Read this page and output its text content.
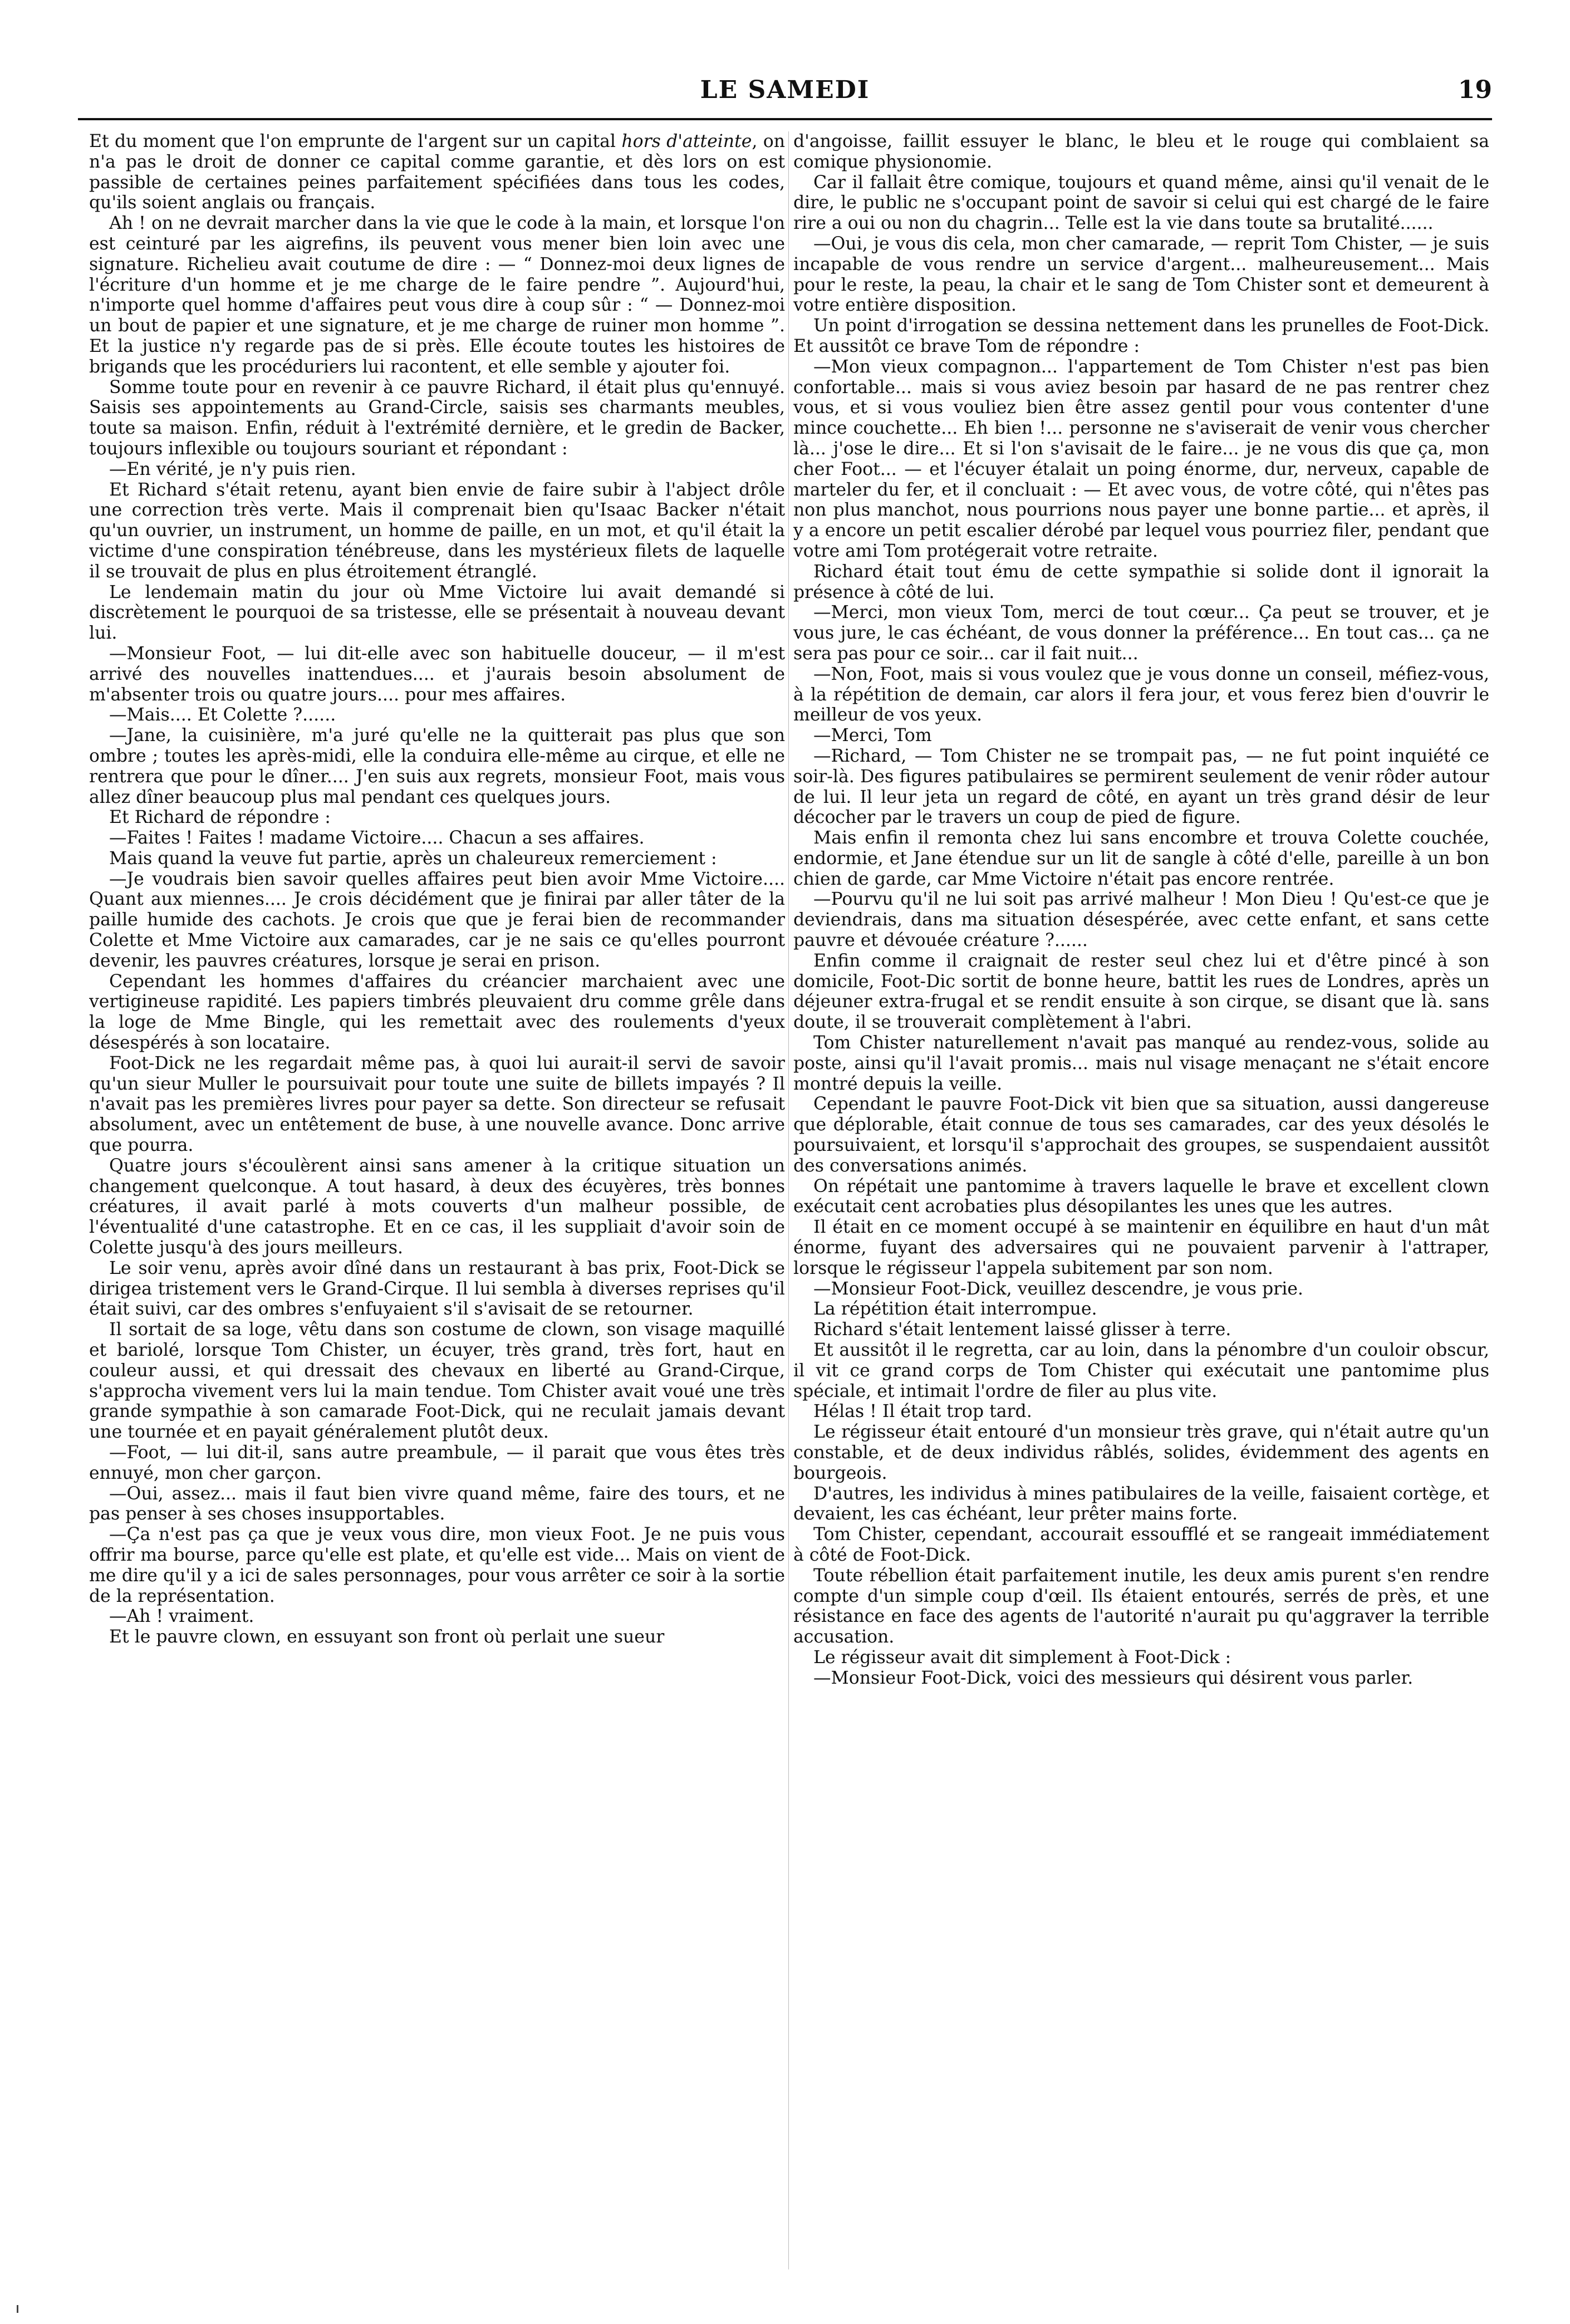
LE SAMEDI	19

Et du moment que l'on emprunte de l'argent sur un capital hors d'atteinte, on n'a pas le droit de donner ce capital comme garantie, et dès lors on est passible de certaines peines parfaitement spécifiées dans tous les codes, qu'ils soient anglais ou français.

Ah ! on ne devrait marcher dans la vie que le code à la main, et lorsque l'on est ceinturé par les aigrefins, ils peuvent vous mener bien loin avec une signature. Richelieu avait coutume de dire : — “ Donnez-moi deux lignes de l'écriture d'un homme et je me charge de le faire pendre ”. Aujourd'hui, n'importe quel homme d'affaires peut vous dire à coup sûr : “ — Donnez-moi un bout de papier et une signature, et je me charge de ruiner mon homme ”. Et la justice n'y regarde pas de si près. Elle écoute toutes les histoires de brigands que les procéduriers lui racontent, et elle semble y ajouter foi.

Somme toute pour en revenir à ce pauvre Richard, il était plus qu'ennuyé. Saisis ses appointements au Grand-Circle, saisis ses charmants meubles, toute sa maison. Enfin, réduit à l'extrémité dernière, et le gredin de Backer, toujours inflexible ou toujours souriant et répondant :

—En vérité, je n'y puis rien.

Et Richard s'était retenu, ayant bien envie de faire subir à l'abject drôle une correction très verte. Mais il comprenait bien qu'Isaac Backer n'était qu'un ouvrier, un instrument, un homme de paille, en un mot, et qu'il était la victime d'une conspiration ténébreuse, dans les mystérieux filets de laquelle il se trouvait de plus en plus étroitement étranglé.

Le lendemain matin du jour où Mme Victoire lui avait demandé si discrètement le pourquoi de sa tristesse, elle se présentait à nouveau devant lui.

—Monsieur Foot, — lui dit-elle avec son habituelle douceur, — il m'est arrivé des nouvelles inattendues.... et j'aurais besoin absolument de m'absenter trois ou quatre jours.... pour mes affaires.

—Mais.... Et Colette ?......

—Jane, la cuisinière, m'a juré qu'elle ne la quitterait pas plus que son ombre ; toutes les après-midi, elle la conduira elle-même au cirque, et elle ne rentrera que pour le dîner.... J'en suis aux regrets, monsieur Foot, mais vous allez dîner beaucoup plus mal pendant ces quelques jours.

Et Richard de répondre :

—Faites ! Faites ! madame Victoire.... Chacun a ses affaires.

Mais quand la veuve fut partie, après un chaleureux remerciement :

—Je voudrais bien savoir quelles affaires peut bien avoir Mme Victoire.... Quant aux miennes.... Je crois décidément que je finirai par aller tâter de la paille humide des cachots. Je crois que que je ferai bien de recommander Colette et Mme Victoire aux camarades, car je ne sais ce qu'elles pourront devenir, les pauvres créatures, lorsque je serai en prison.

Cependant les hommes d'affaires du créancier marchaient avec une vertigineuse rapidité. Les papiers timbrés pleuvaient dru comme grêle dans la loge de Mme Bingle, qui les remettait avec des roulements d'yeux désespérés à son locataire.

Foot-Dick ne les regardait même pas, à quoi lui aurait-il servi de savoir qu'un sieur Muller le poursuivait pour toute une suite de billets impayés ? Il n'avait pas les premières livres pour payer sa dette. Son directeur se refusait absolument, avec un entêtement de buse, à une nouvelle avance. Donc arrive que pourra.

Quatre jours s'écoulèrent ainsi sans amener à la critique situation un changement quelconque. A tout hasard, à deux des écuyères, très bonnes créatures, il avait parlé à mots couverts d'un malheur possible, de l'éventualité d'une catastrophe. Et en ce cas, il les suppliait d'avoir soin de Colette jusqu'à des jours meilleurs.

Le soir venu, après avoir dîné dans un restaurant à bas prix, Foot-Dick se dirigea tristement vers le Grand-Cirque. Il lui sembla à diverses reprises qu'il était suivi, car des ombres s'enfuyaient s'il s'avisait de se retourner.

Il sortait de sa loge, vêtu dans son costume de clown, son visage maquillé et bariolé, lorsque Tom Chister, un écuyer, très grand, très fort, haut en couleur aussi, et qui dressait des chevaux en liberté au Grand-Cirque, s'approcha vivement vers lui la main tendue. Tom Chister avait voué une très grande sympathie à son camarade Foot-Dick, qui ne reculait jamais devant une tournée et en payait généralement plutôt deux.

—Foot, — lui dit-il, sans autre preambule, — il parait que vous êtes très ennuyé, mon cher garçon.

—Oui, assez... mais il faut bien vivre quand même, faire des tours, et ne pas penser à ses choses insupportables.

—Ça n'est pas ça que je veux vous dire, mon vieux Foot. Je ne puis vous offrir ma bourse, parce qu'elle est plate, et qu'elle est vide... Mais on vient de me dire qu'il y a ici de sales personnages, pour vous arrêter ce soir à la sortie de la représentation.

—Ah ! vraiment.

Et le pauvre clown, en essuyant son front où perlait une sueur

d'angoisse, faillit essuyer le blanc, le bleu et le rouge qui comblaient sa comique physionomie.

Car il fallait être comique, toujours et quand même, ainsi qu'il venait de le dire, le public ne s'occupant point de savoir si celui qui est chargé de le faire rire a oui ou non du chagrin... Telle est la vie dans toute sa brutalité......

—Oui, je vous dis cela, mon cher camarade, — reprit Tom Chister, — je suis incapable de vous rendre un service d'argent... malheureusement... Mais pour le reste, la peau, la chair et le sang de Tom Chister sont et demeurent à votre entière disposition.

Un point d'irrogation se dessina nettement dans les prunelles de Foot-Dick. Et aussitôt ce brave Tom de répondre :

—Mon vieux compagnon... l'appartement de Tom Chister n'est pas bien confortable... mais si vous aviez besoin par hasard de ne pas rentrer chez vous, et si vous vouliez bien être assez gentil pour vous contenter d'une mince couchette... Eh bien !... personne ne s'aviserait de venir vous chercher là... j'ose le dire... Et si l'on s'avisait de le faire... je ne vous dis que ça, mon cher Foot... — et l'écuyer étalait un poing énorme, dur, nerveux, capable de marteler du fer, et il concluait : — Et avec vous, de votre côté, qui n'êtes pas non plus manchot, nous pourrions nous payer une bonne partie... et après, il y a encore un petit escalier dérobé par lequel vous pourriez filer, pendant que votre ami Tom protégerait votre retraite.

Richard était tout ému de cette sympathie si solide dont il ignorait la présence à côté de lui.

—Merci, mon vieux Tom, merci de tout cœur... Ça peut se trouver, et je vous jure, le cas échéant, de vous donner la préférence... En tout cas... ça ne sera pas pour ce soir... car il fait nuit...

—Non, Foot, mais si vous voulez que je vous donne un conseil, méfiez-vous, à la répétition de demain, car alors il fera jour, et vous ferez bien d'ouvrir le meilleur de vos yeux.

—Merci, Tom

—Richard, — Tom Chister ne se trompait pas, — ne fut point inquiété ce soir-là. Des figures patibulaires se permirent seulement de venir rôder autour de lui. Il leur jeta un regard de côté, en ayant un très grand désir de leur décocher par le travers un coup de pied de figure.

Mais enfin il remonta chez lui sans encombre et trouva Colette couchée, endormie, et Jane étendue sur un lit de sangle à côté d'elle, pareille à un bon chien de garde, car Mme Victoire n'était pas encore rentrée.

—Pourvu qu'il ne lui soit pas arrivé malheur ! Mon Dieu ! Qu'est-ce que je deviendrais, dans ma situation désespérée, avec cette enfant, et sans cette pauvre et dévouée créature ?......

Enfin comme il craignait de rester seul chez lui et d'être pincé à son domicile, Foot-Dic sortit de bonne heure, battit les rues de Londres, après un déjeuner extra-frugal et se rendit ensuite à son cirque, se disant que là. sans doute, il se trouverait complètement à l'abri.

Tom Chister naturellement n'avait pas manqué au rendez-vous, solide au poste, ainsi qu'il l'avait promis... mais nul visage menaçant ne s'était encore montré depuis la veille.

Cependant le pauvre Foot-Dick vit bien que sa situation, aussi dangereuse que déplorable, était connue de tous ses camarades, car des yeux désolés le poursuivaient, et lorsqu'il s'approchait des groupes, se suspendaient aussitôt des conversations animés.

On répétait une pantomime à travers laquelle le brave et excellent clown exécutait cent acrobaties plus désopilantes les unes que les autres.

Il était en ce moment occupé à se maintenir en équilibre en haut d'un mât énorme, fuyant des adversaires qui ne pouvaient parvenir à l'attraper, lorsque le régisseur l'appela subitement par son nom.

—Monsieur Foot-Dick, veuillez descendre, je vous prie.

La répétition était interrompue.

Richard s'était lentement laissé glisser à terre.

Et aussitôt il le regretta, car au loin, dans la pénombre d'un couloir obscur, il vit ce grand corps de Tom Chister qui exécutait une pantomime plus spéciale, et intimait l'ordre de filer au plus vite.

Hélas ! Il était trop tard.

Le régisseur était entouré d'un monsieur très grave, qui n'était autre qu'un constable, et de deux individus râblés, solides, évidemment des agents en bourgeois.

D'autres, les individus à mines patibulaires de la veille, faisaient cortège, et devaient, les cas échéant, leur prêter mains forte.

Tom Chister, cependant, accourait essoufflé et se rangeait immédiatement à côté de Foot-Dick.

Toute rébellion était parfaitement inutile, les deux amis purent s'en rendre compte d'un simple coup d'œil. Ils étaient entourés, serrés de près, et une résistance en face des agents de l'autorité n'aurait pu qu'aggraver la terrible accusation.

Le régisseur avait dit simplement à Foot-Dick :

—Monsieur Foot-Dick, voici des messieurs qui désirent vous parler.
